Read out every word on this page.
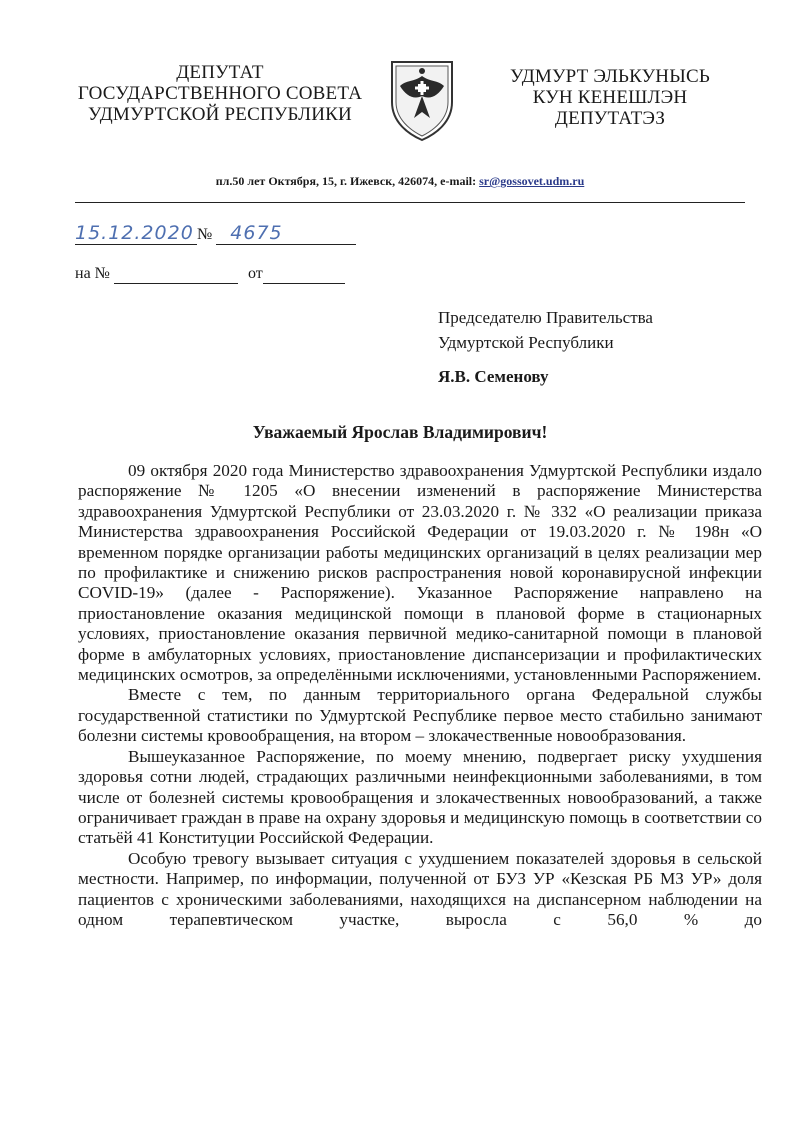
ДЕПУТАТ
ГОСУДАРСТВЕННОГО СОВЕТА
УДМУРТСКОЙ РЕСПУБЛИКИ
УДМУРТ ЭЛЬКУНЫСЬ
КУН КЕНЕШЛЭН
ДЕПУТАТЭЗ
пл.50 лет Октября, 15, г. Ижевск, 426074, e-mail: sr@gossovet.udm.ru
15.12.2020 № 4675
на №	от
Председателю Правительства
Удмуртской Республики
Я.В. Семенову
Уважаемый Ярослав Владимирович!

09 октября 2020 года Министерство здравоохранения Удмуртской Республики издало распоряжение № 1205 «О внесении изменений в распоряжение Министерства здравоохранения Удмуртской Республики от 23.03.2020 г. № 332 «О реализации приказа Министерства здравоохранения Российской Федерации от 19.03.2020 г. № 198н «О временном порядке организации работы медицинских организаций в целях реализации мер по профилактике и снижению рисков распространения новой коронавирусной инфекции COVID-19» (далее - Распоряжение). Указанное Распоряжение направлено на приостановление оказания медицинской помощи в плановой форме в стационарных условиях, приостановление оказания первичной медико-санитарной помощи в плановой форме в амбулаторных условиях, приостановление диспансеризации и профилактических медицинских осмотров, за определёнными исключениями, установленными Распоряжением.

Вместе с тем, по данным территориального органа Федеральной службы государственной статистики по Удмуртской Республике первое место стабильно занимают болезни системы кровообращения, на втором – злокачественные новообразования.

Вышеуказанное Распоряжение, по моему мнению, подвергает риску ухудшения здоровья сотни людей, страдающих различными неинфекционными заболеваниями, в том числе от болезней системы кровообращения и злокачественных новообразований, а также ограничивает граждан в праве на охрану здоровья и медицинскую помощь в соответствии со статьёй 41 Конституции Российской Федерации.

Особую тревогу вызывает ситуация с ухудшением показателей здоровья в сельской местности. Например, по информации, полученной от БУЗ УР «Кезская РБ МЗ УР» доля пациентов с хроническими заболеваниями, находящихся на диспансерном наблюдении на одном терапевтическом участке, выросла с 56,0 % до
